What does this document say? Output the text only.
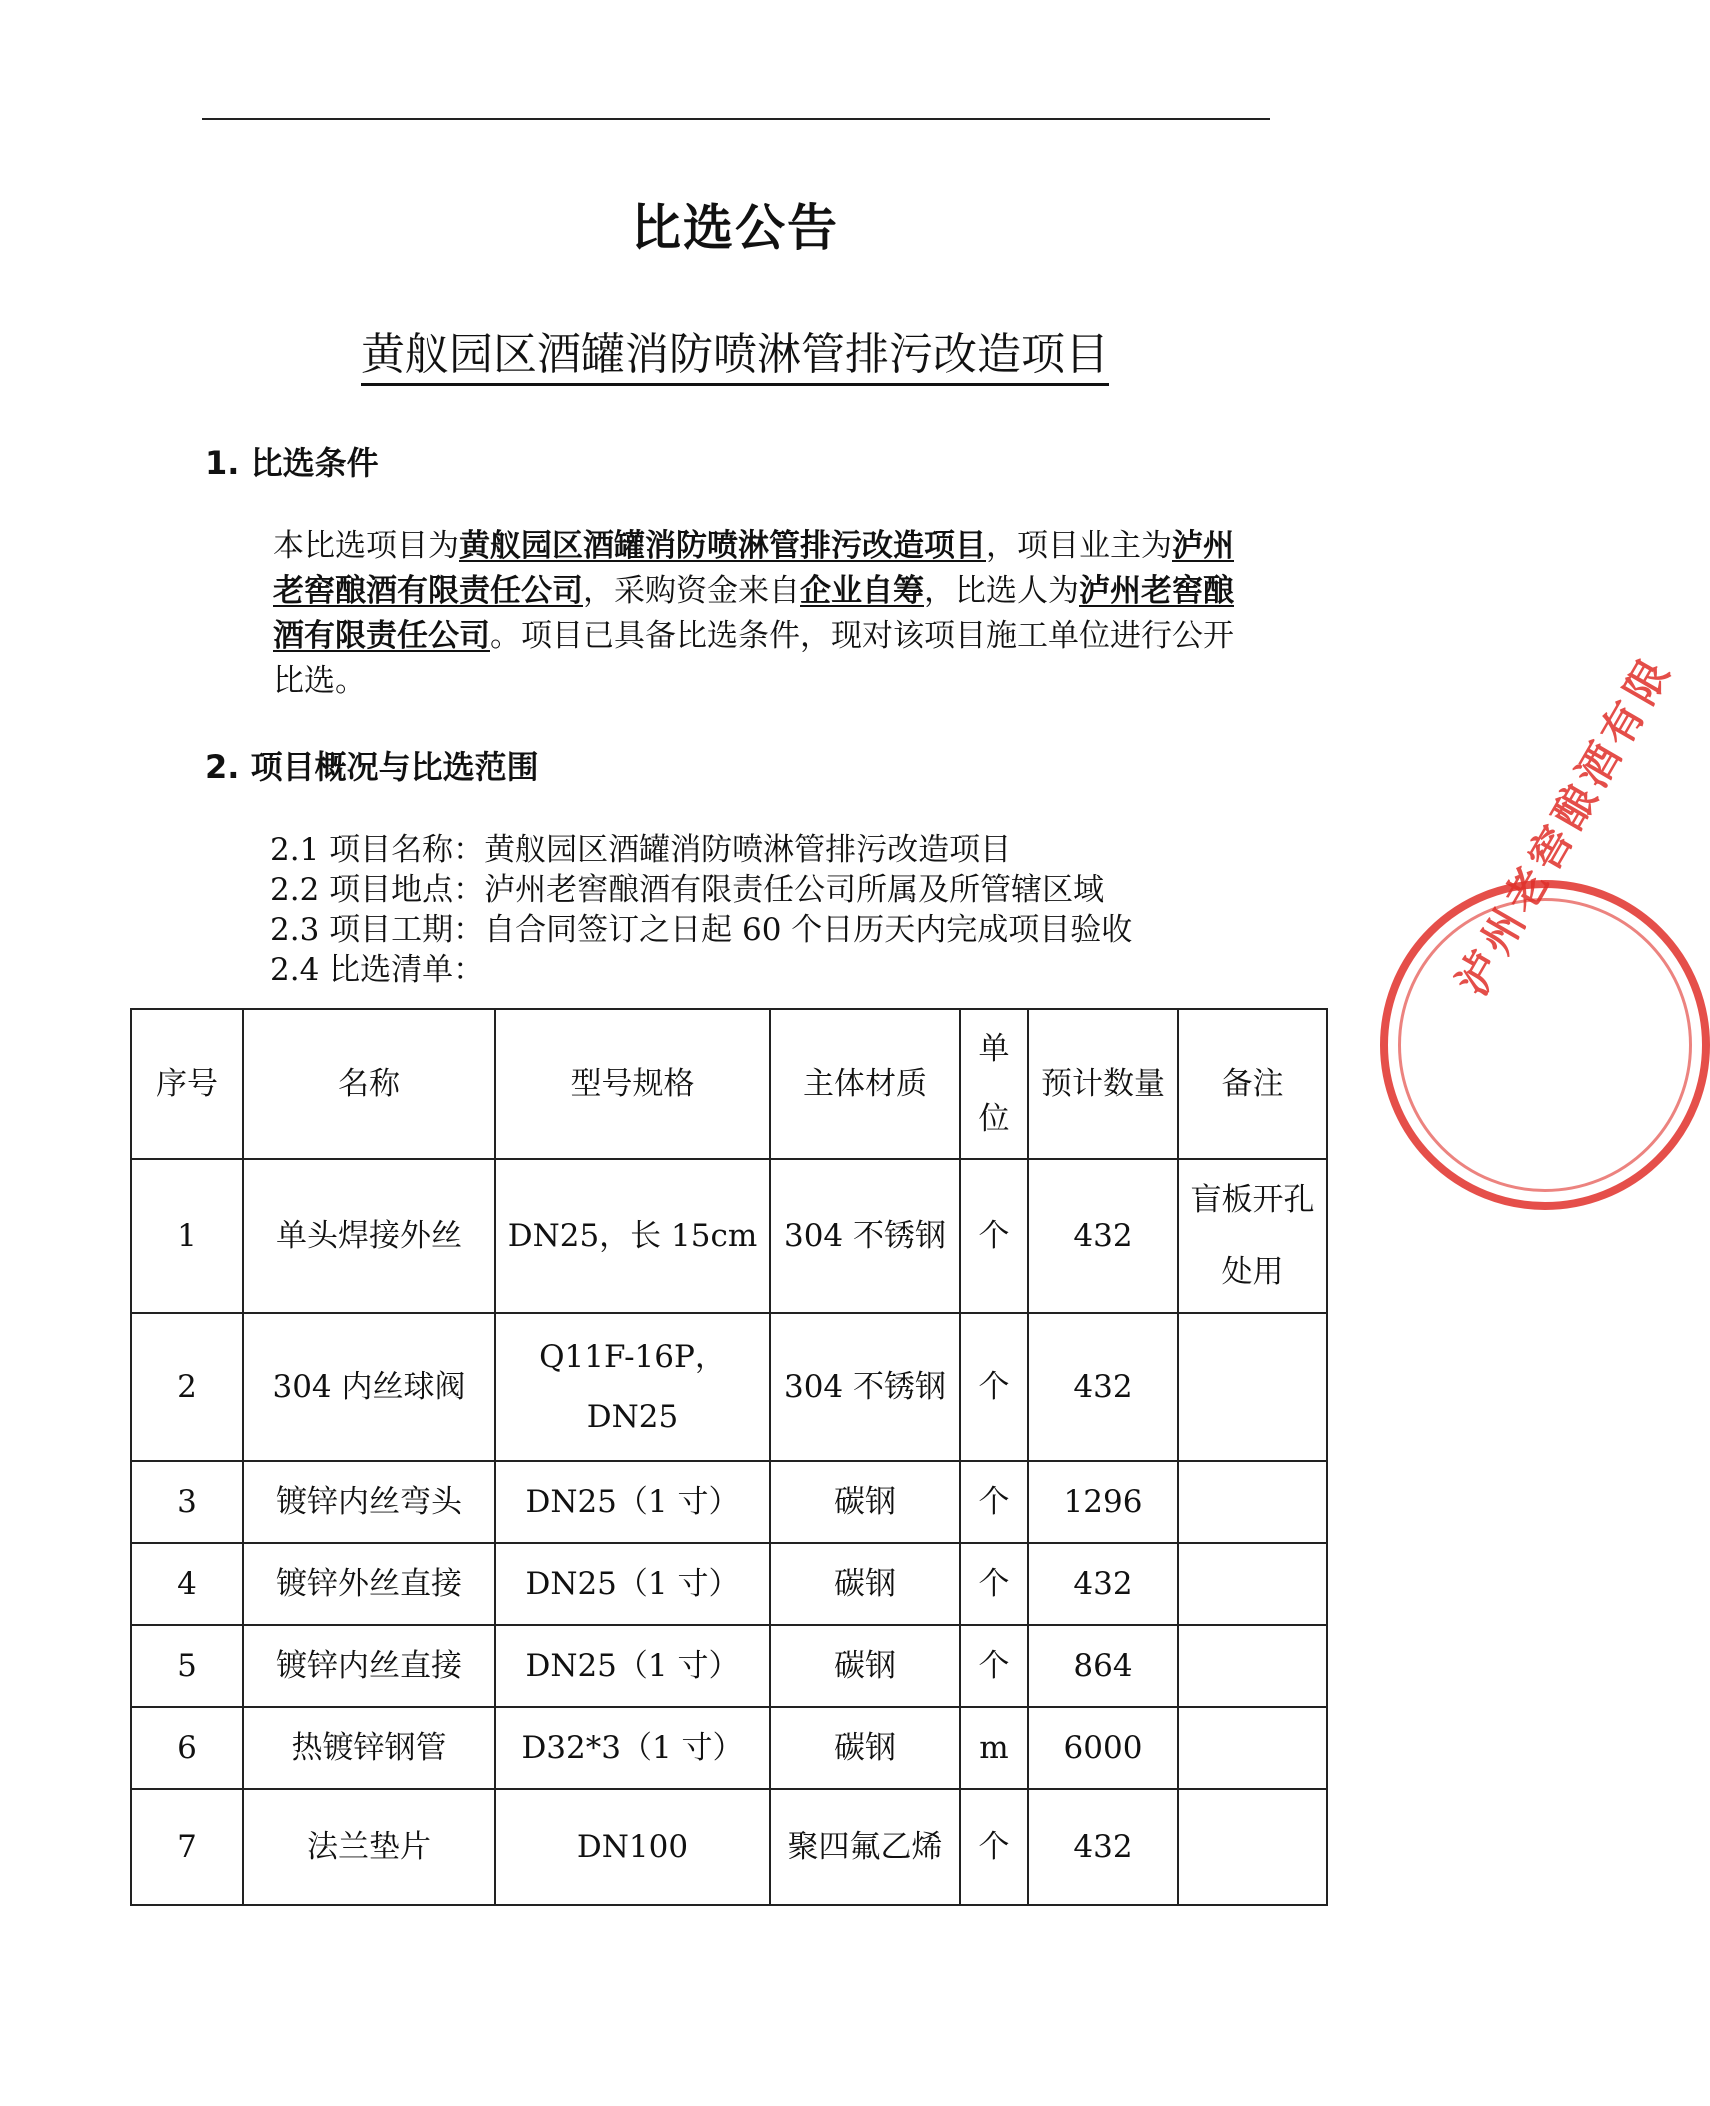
比选公告
黄舣园区酒罐消防喷淋管排污改造项目
1. 比选条件

本比选项目为黄舣园区酒罐消防喷淋管排污改造项目，项目业主为泸州老窖酿酒有限责任公司，采购资金来自企业自筹，比选人为泸州老窖酿酒有限责任公司。项目已具备比选条件，现对该项目施工单位进行公开比选。

2. 项目概况与比选范围
2.1 项目名称：黄舣园区酒罐消防喷淋管排污改造项目
2.2 项目地点：泸州老窖酿酒有限责任公司所属及所管辖区域
2.3 项目工期：自合同签订之日起 60 个日历天内完成项目验收
2.4 比选清单：	泸州老窖酿酒有限
序号	名称	型号规格	主体材质	单位	预计数量	备注
1	单头焊接外丝	DN25，长 15cm	304 不锈钢	个	432	盲板开孔处用
2	304 内丝球阀	Q11F-16P，DN25	304 不锈钢	个	432	
3	镀锌内丝弯头	DN25（1 寸）	碳钢	个	1296	
4	镀锌外丝直接	DN25（1 寸）	碳钢	个	432	
5	镀锌内丝直接	DN25（1 寸）	碳钢	个	864	
6	热镀锌钢管	D32*3（1 寸）	碳钢	m	6000	
7	法兰垫片	DN100	聚四氟乙烯	个	432	
